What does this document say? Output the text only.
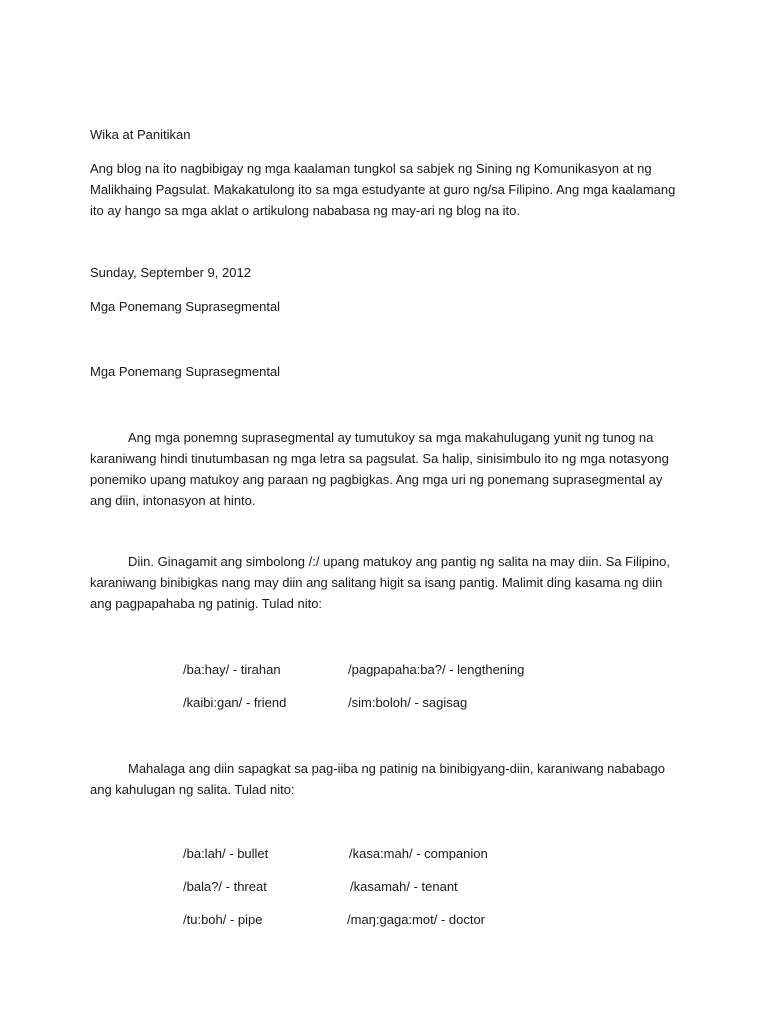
Wika at Panitikan

Ang blog na ito nagbibigay ng mga kaalaman tungkol sa sabjek ng Sining ng Komunikasyon at ng Malikhaing Pagsulat. Makakatulong ito sa mga estudyante at guro ng/sa Filipino. Ang mga kaalamang ito ay hango sa mga aklat o artikulong nababasa ng may-ari ng blog na ito.

Sunday, September 9, 2012

Mga Ponemang Suprasegmental

Mga Ponemang Suprasegmental

Ang mga ponemng suprasegmental ay tumutukoy sa mga makahulugang yunit ng tunog na karaniwang hindi tinutumbasan ng mga letra sa pagsulat. Sa halip, sinisimbulo ito ng mga notasyong ponemiko upang matukoy ang paraan ng pagbigkas. Ang mga uri ng ponemang suprasegmental ay ang diin, intonasyon at hinto.

Diin. Ginagamit ang simbolong /:/ upang matukoy ang pantig ng salita na may diin. Sa Filipino, karaniwang binibigkas nang may diin ang salitang higit sa isang pantig. Malimit ding kasama ng diin ang pagpapahaba ng patinig. Tulad nito:

/ba:hay/ - tirahan	/pagpapaha:ba?/ - lengthening
/kaibi:gan/ - friend	/sim:boloh/ - sagisag

Mahalaga ang diin sapagkat sa pag-iiba ng patinig na binibigyang-diin, karaniwang nababago ang kahulugan ng salita. Tulad nito:

/ba:lah/ - bullet	/kasa:mah/ - companion
/bala?/ - threat	/kasamah/ - tenant
/tu:boh/ - pipe	/maŋ:gaga:mot/ - doctor
